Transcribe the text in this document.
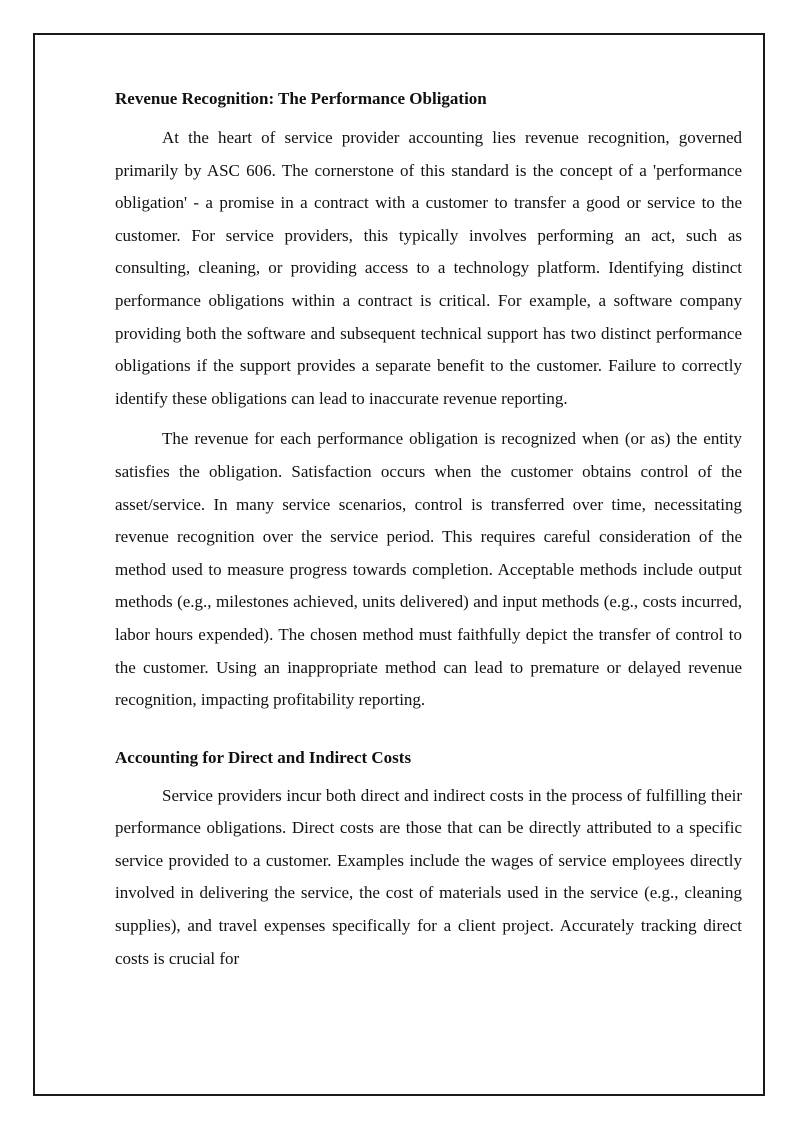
Revenue Recognition: The Performance Obligation

At the heart of service provider accounting lies revenue recognition, governed primarily by ASC 606. The cornerstone of this standard is the concept of a 'performance obligation' - a promise in a contract with a customer to transfer a good or service to the customer. For service providers, this typically involves performing an act, such as consulting, cleaning, or providing access to a technology platform. Identifying distinct performance obligations within a contract is critical. For example, a software company providing both the software and subsequent technical support has two distinct performance obligations if the support provides a separate benefit to the customer. Failure to correctly identify these obligations can lead to inaccurate revenue reporting.

The revenue for each performance obligation is recognized when (or as) the entity satisfies the obligation. Satisfaction occurs when the customer obtains control of the asset/service. In many service scenarios, control is transferred over time, necessitating revenue recognition over the service period. This requires careful consideration of the method used to measure progress towards completion. Acceptable methods include output methods (e.g., milestones achieved, units delivered) and input methods (e.g., costs incurred, labor hours expended). The chosen method must faithfully depict the transfer of control to the customer. Using an inappropriate method can lead to premature or delayed revenue recognition, impacting profitability reporting.

Accounting for Direct and Indirect Costs

Service providers incur both direct and indirect costs in the process of fulfilling their performance obligations. Direct costs are those that can be directly attributed to a specific service provided to a customer. Examples include the wages of service employees directly involved in delivering the service, the cost of materials used in the service (e.g., cleaning supplies), and travel expenses specifically for a client project. Accurately tracking direct costs is crucial for
